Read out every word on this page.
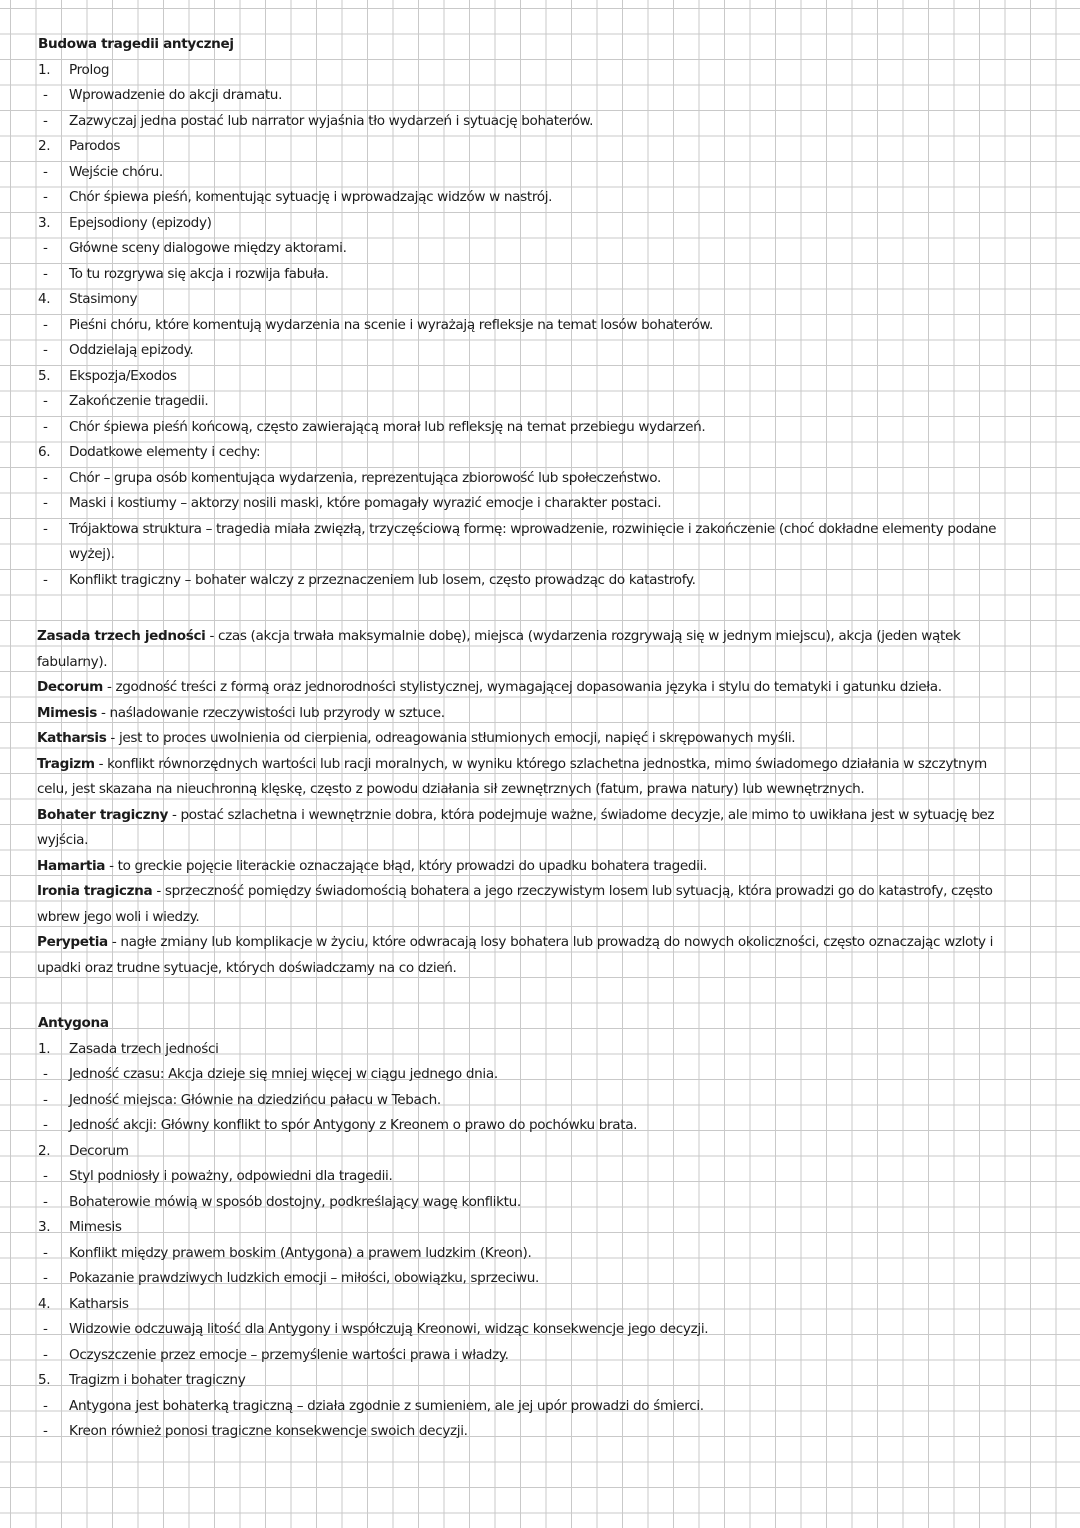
Budowa tragedii antycznej
1. Prolog
- Wprowadzenie do akcji dramatu.
- Zazwyczaj jedna postać lub narrator wyjaśnia tło wydarzeń i sytuację bohaterów.
2. Parodos
- Wejście chóru.
- Chór śpiewa pieśń, komentując sytuację i wprowadzając widzów w nastrój.
3. Epejsodiony (epizody)
- Główne sceny dialogowe między aktorami.
- To tu rozgrywa się akcja i rozwija fabuła.
4. Stasimony
- Pieśni chóru, które komentują wydarzenia na scenie i wyrażają refleksje na temat losów bohaterów.
- Oddzielają epizody.
5. Ekspozja/Exodos
- Zakończenie tragedii.
- Chór śpiewa pieśń końcową, często zawierającą morał lub refleksję na temat przebiegu wydarzeń.
6. Dodatkowe elementy i cechy:
- Chór – grupa osób komentująca wydarzenia, reprezentująca zbiorowość lub społeczeństwo.
- Maski i kostiumy – aktorzy nosili maski, które pomagały wyrazić emocje i charakter postaci.
- Trójaktowa struktura – tragedia miała zwięzłą, trzyczęściową formę: wprowadzenie, rozwinięcie i zakończenie (choć dokładne elementy podane
wyżej).
- Konflikt tragiczny – bohater walczy z przeznaczeniem lub losem, często prowadząc do katastrofy.
Zasada trzech jedności - czas (akcja trwała maksymalnie dobę), miejsca (wydarzenia rozgrywają się w jednym miejscu), akcja (jeden wątek
fabularny).
Decorum - zgodność treści z formą oraz jednorodności stylistycznej, wymagającej dopasowania języka i stylu do tematyki i gatunku dzieła.
Mimesis - naśladowanie rzeczywistości lub przyrody w sztuce.
Katharsis - jest to proces uwolnienia od cierpienia, odreagowania stłumionych emocji, napięć i skrępowanych myśli.
Tragizm - konflikt równorzędnych wartości lub racji moralnych, w wyniku którego szlachetna jednostka, mimo świadomego działania w szczytnym
celu, jest skazana na nieuchronną klęskę, często z powodu działania sił zewnętrznych (fatum, prawa natury) lub wewnętrznych.
Bohater tragiczny - postać szlachetna i wewnętrznie dobra, która podejmuje ważne, świadome decyzje, ale mimo to uwikłana jest w sytuację bez
wyjścia.
Hamartia - to greckie pojęcie literackie oznaczające błąd, który prowadzi do upadku bohatera tragedii.
Ironia tragiczna - sprzeczność pomiędzy świadomością bohatera a jego rzeczywistym losem lub sytuacją, która prowadzi go do katastrofy, często
wbrew jego woli i wiedzy.
Perypetia - nagłe zmiany lub komplikacje w życiu, które odwracają losy bohatera lub prowadzą do nowych okoliczności, często oznaczając wzloty i
upadki oraz trudne sytuacje, których doświadczamy na co dzień.
Antygona
1. Zasada trzech jedności
- Jedność czasu: Akcja dzieje się mniej więcej w ciągu jednego dnia.
- Jedność miejsca: Głównie na dziedzińcu pałacu w Tebach.
- Jedność akcji: Główny konflikt to spór Antygony z Kreonem o prawo do pochówku brata.
2. Decorum
- Styl podniosły i poważny, odpowiedni dla tragedii.
- Bohaterowie mówią w sposób dostojny, podkreślający wagę konfliktu.
3. Mimesis
- Konflikt między prawem boskim (Antygona) a prawem ludzkim (Kreon).
- Pokazanie prawdziwych ludzkich emocji – miłości, obowiązku, sprzeciwu.
4. Katharsis
- Widzowie odczuwają litość dla Antygony i współczują Kreonowi, widząc konsekwencje jego decyzji.
- Oczyszczenie przez emocje – przemyślenie wartości prawa i władzy.
5. Tragizm i bohater tragiczny
- Antygona jest bohaterką tragiczną – działa zgodnie z sumieniem, ale jej upór prowadzi do śmierci.
- Kreon również ponosi tragiczne konsekwencje swoich decyzji.
